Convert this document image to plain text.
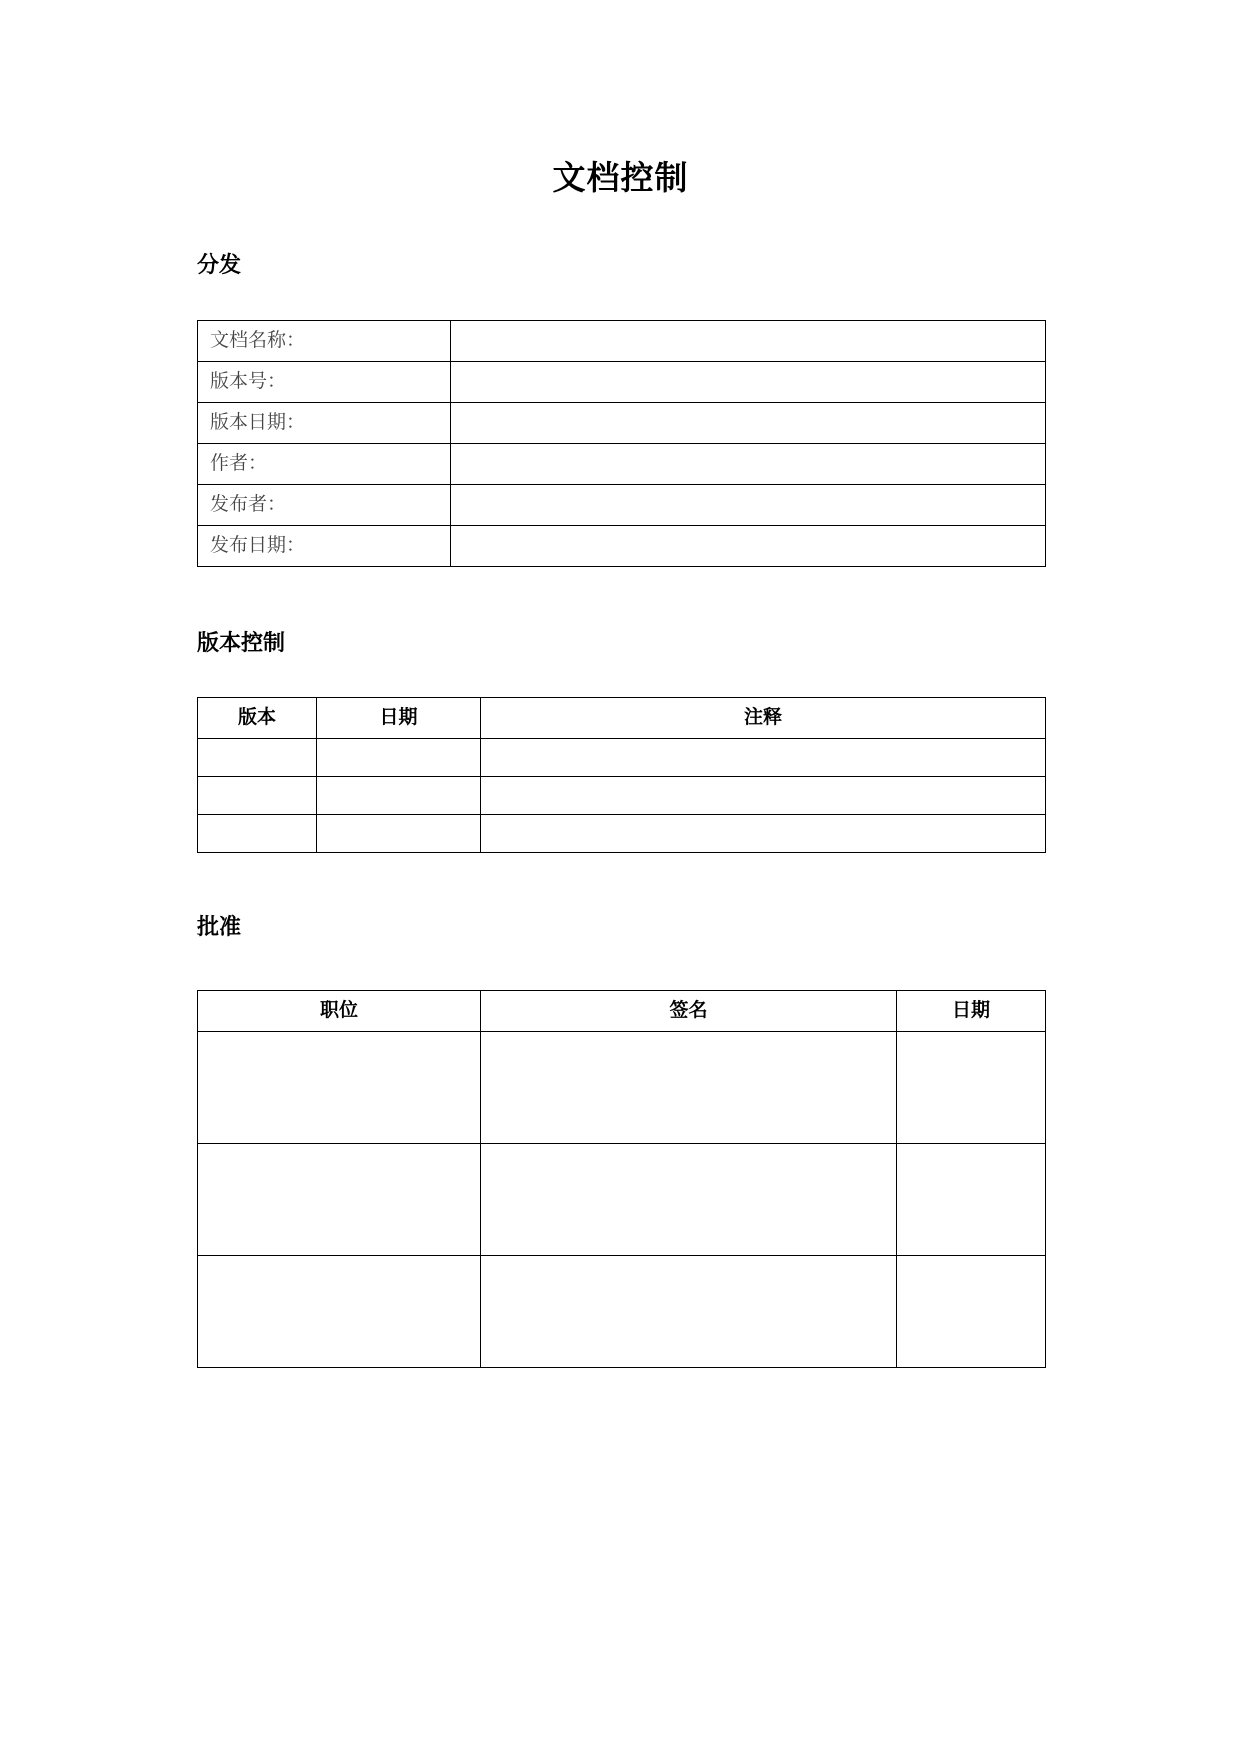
文档控制
分发
文档名称：	
版本号：	
版本日期：	
作者：	
发布者：	
发布日期：	
版本控制
版本	日期	注释

批准
职位	签名	日期
